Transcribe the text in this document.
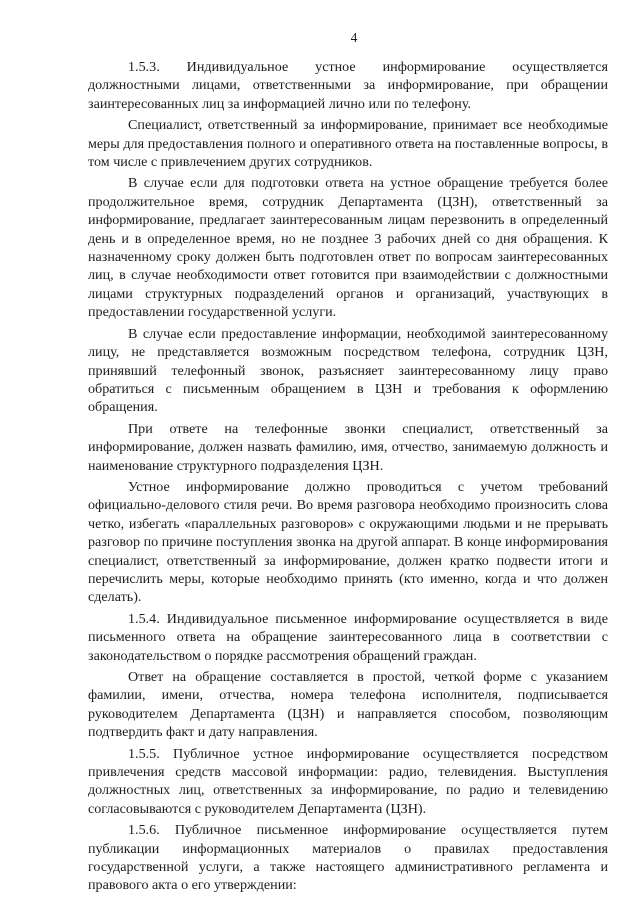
4

1.5.3. Индивидуальное устное информирование осуществляется должностными лицами, ответственными за информирование, при обращении заинтересованных лиц за информацией лично или по телефону.

Специалист, ответственный за информирование, принимает все необходимые меры для предоставления полного и оперативного ответа на поставленные вопросы, в том числе с привлечением других сотрудников.

В случае если для подготовки ответа на устное обращение требуется более продолжительное время, сотрудник Департамента (ЦЗН), ответственный за информирование, предлагает заинтересованным лицам перезвонить в определенный день и в определенное время, но не позднее 3 рабочих дней со дня обращения. К назначенному сроку должен быть подготовлен ответ по вопросам заинтересованных лиц, в случае необходимости ответ готовится при взаимодействии с должностными лицами структурных подразделений органов и организаций, участвующих в предоставлении государственной услуги.

В случае если предоставление информации, необходимой заинтересованному лицу, не представляется возможным посредством телефона, сотрудник ЦЗН, принявший телефонный звонок, разъясняет заинтересованному лицу право обратиться с письменным обращением в ЦЗН и требования к оформлению обращения.

При ответе на телефонные звонки специалист, ответственный за информирование, должен назвать фамилию, имя, отчество, занимаемую должность и наименование структурного подразделения ЦЗН.

Устное информирование должно проводиться с учетом требований официально-делового стиля речи. Во время разговора необходимо произносить слова четко, избегать «параллельных разговоров» с окружающими людьми и не прерывать разговор по причине поступления звонка на другой аппарат. В конце информирования специалист, ответственный за информирование, должен кратко подвести итоги и перечислить меры, которые необходимо принять (кто именно, когда и что должен сделать).

1.5.4. Индивидуальное письменное информирование осуществляется в виде письменного ответа на обращение заинтересованного лица в соответствии с законодательством о порядке рассмотрения обращений граждан.

Ответ на обращение составляется в простой, четкой форме с указанием фамилии, имени, отчества, номера телефона исполнителя, подписывается руководителем Департамента (ЦЗН) и направляется способом, позволяющим подтвердить факт и дату направления.

1.5.5. Публичное устное информирование осуществляется посредством привлечения средств массовой информации: радио, телевидения. Выступления должностных лиц, ответственных за информирование, по радио и телевидению согласовываются с руководителем Департамента (ЦЗН).

1.5.6. Публичное письменное информирование осуществляется путем публикации информационных материалов о правилах предоставления государственной услуги, а также настоящего административного регламента и правового акта о его утверждении:
